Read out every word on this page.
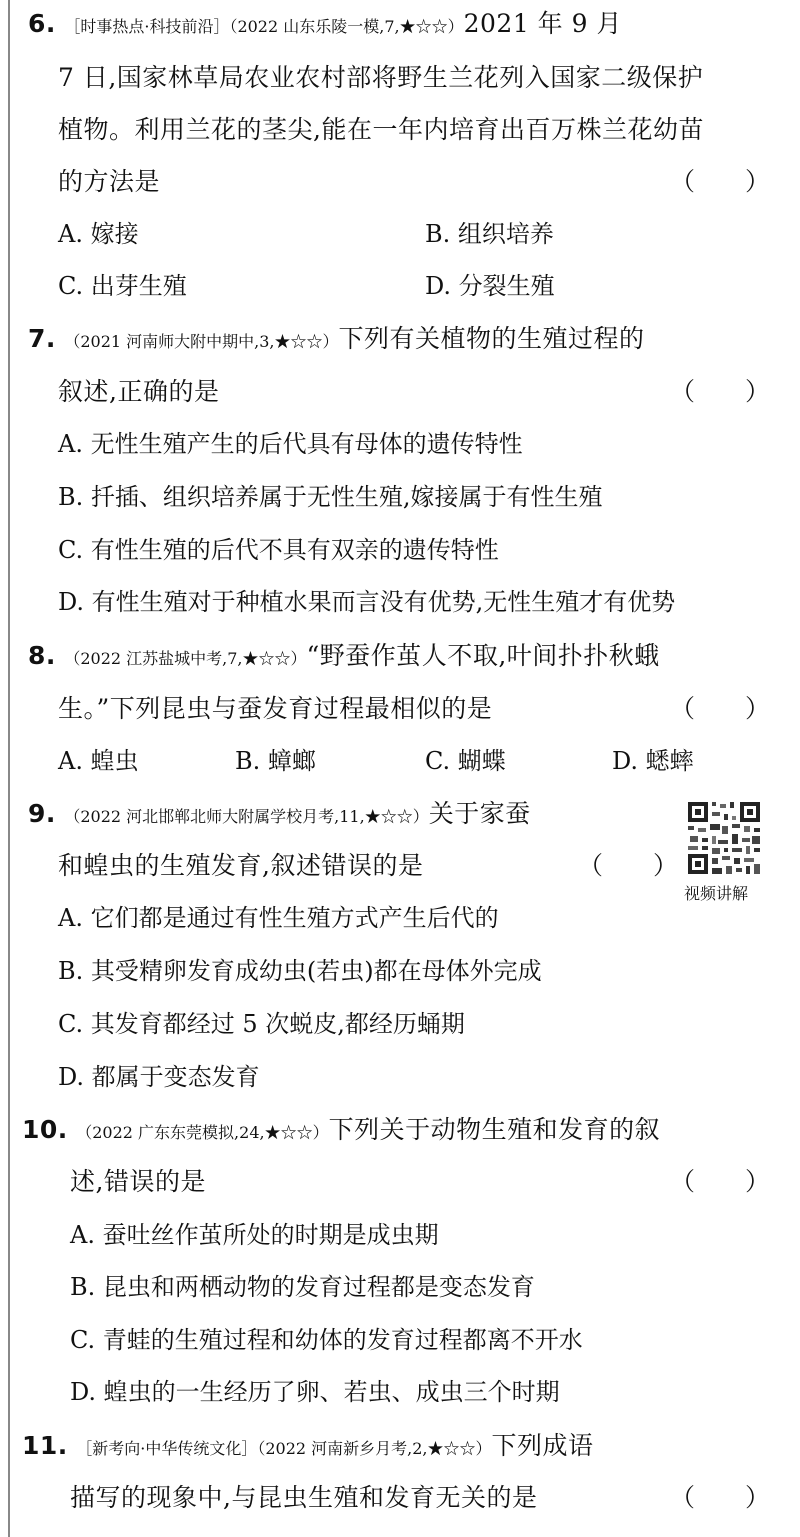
6. ［时事热点·科技前沿］（2022 山东乐陵一模,7,★☆☆）2021 年 9 月
7 日,国家林草局农业农村部将野生兰花列入国家二级保护
植物。利用兰花的茎尖,能在一年内培育出百万株兰花幼苗
的方法是	（　　）
A. 嫁接	B. 组织培养
C. 出芽生殖	D. 分裂生殖
7. （2021 河南师大附中期中,3,★☆☆）下列有关植物的生殖过程的
叙述,正确的是	（　　）
A. 无性生殖产生的后代具有母体的遗传特性
B. 扦插、组织培养属于无性生殖,嫁接属于有性生殖
C. 有性生殖的后代不具有双亲的遗传特性
D. 有性生殖对于种植水果而言没有优势,无性生殖才有优势
8. （2022 江苏盐城中考,7,★☆☆）“野蚕作茧人不取,叶间扑扑秋蛾
生。”下列昆虫与蚕发育过程最相似的是	（　　）
A. 蝗虫	B. 蟑螂	C. 蝴蝶	D. 蟋蟀
9. （2022 河北邯郸北师大附属学校月考,11,★☆☆）关于家蚕
和蝗虫的生殖发育,叙述错误的是	（　　）
视频讲解
A. 它们都是通过有性生殖方式产生后代的
B. 其受精卵发育成幼虫(若虫)都在母体外完成
C. 其发育都经过 5 次蜕皮,都经历蛹期
D. 都属于变态发育
10. （2022 广东东莞模拟,24,★☆☆）下列关于动物生殖和发育的叙
述,错误的是	（　　）
A. 蚕吐丝作茧所处的时期是成虫期
B. 昆虫和两栖动物的发育过程都是变态发育
C. 青蛙的生殖过程和幼体的发育过程都离不开水
D. 蝗虫的一生经历了卵、若虫、成虫三个时期
11. ［新考向·中华传统文化］（2022 河南新乡月考,2,★☆☆）下列成语
描写的现象中,与昆虫生殖和发育无关的是	（　　）
